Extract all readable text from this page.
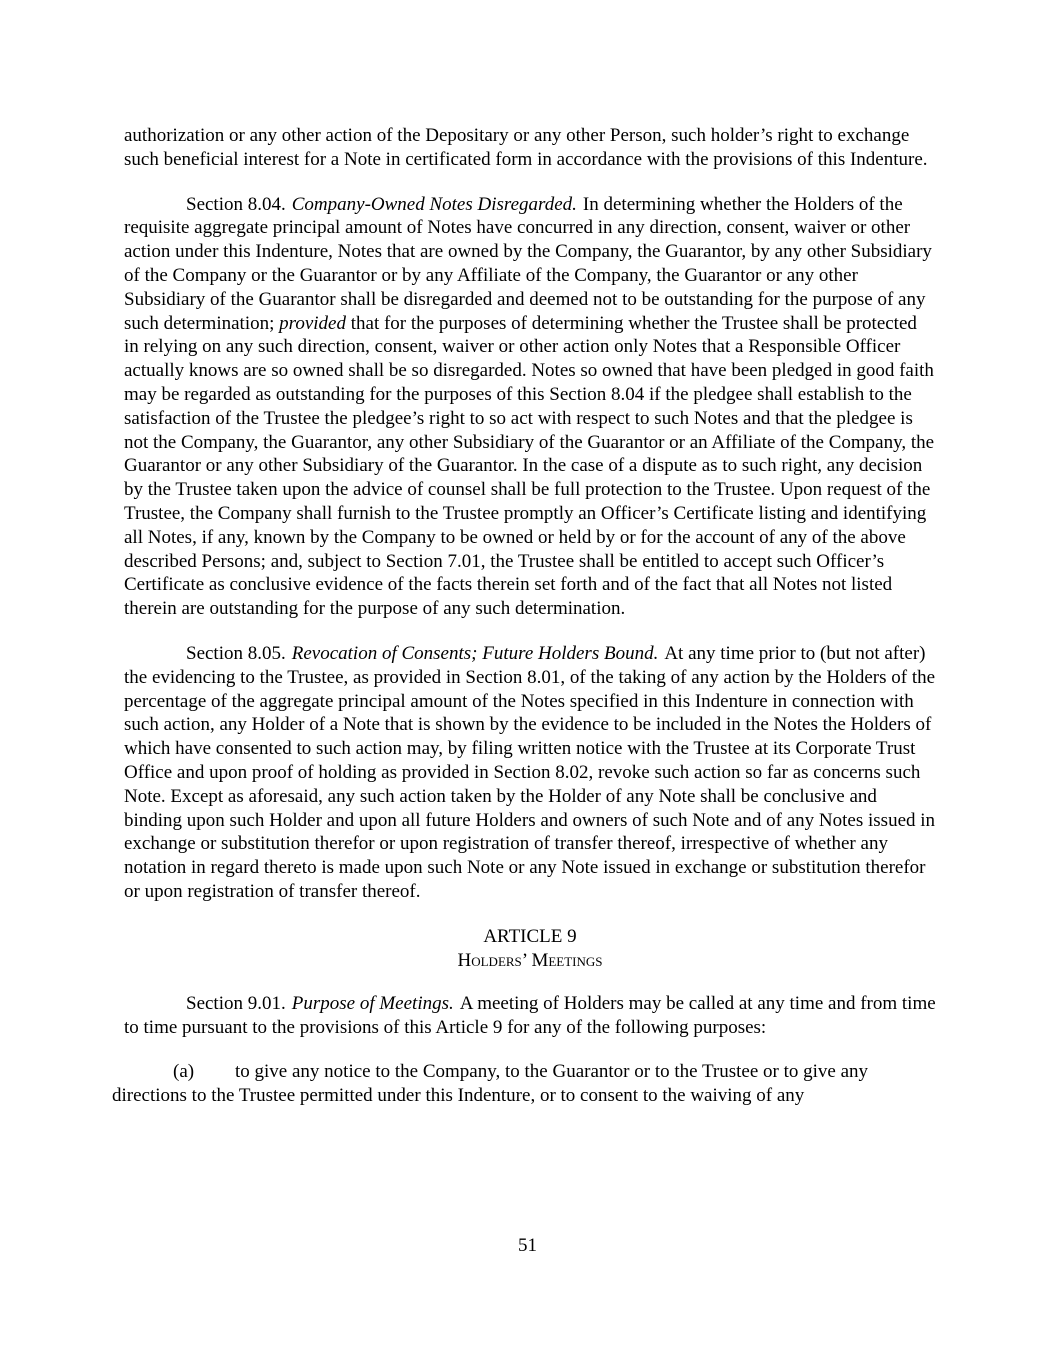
authorization or any other action of the Depositary or any other Person, such holder’s right to exchange such beneficial interest for a Note in certificated form in accordance with the provisions of this Indenture.

Section 8.04. Company-Owned Notes Disregarded. In determining whether the Holders of the requisite aggregate principal amount of Notes have concurred in any direction, consent, waiver or other action under this Indenture, Notes that are owned by the Company, the Guarantor, by any other Subsidiary of the Company or the Guarantor or by any Affiliate of the Company, the Guarantor or any other Subsidiary of the Guarantor shall be disregarded and deemed not to be outstanding for the purpose of any such determination; provided that for the purposes of determining whether the Trustee shall be protected in relying on any such direction, consent, waiver or other action only Notes that a Responsible Officer actually knows are so owned shall be so disregarded. Notes so owned that have been pledged in good faith may be regarded as outstanding for the purposes of this Section 8.04 if the pledgee shall establish to the satisfaction of the Trustee the pledgee’s right to so act with respect to such Notes and that the pledgee is not the Company, the Guarantor, any other Subsidiary of the Guarantor or an Affiliate of the Company, the Guarantor or any other Subsidiary of the Guarantor. In the case of a dispute as to such right, any decision by the Trustee taken upon the advice of counsel shall be full protection to the Trustee. Upon request of the Trustee, the Company shall furnish to the Trustee promptly an Officer’s Certificate listing and identifying all Notes, if any, known by the Company to be owned or held by or for the account of any of the above described Persons; and, subject to Section 7.01, the Trustee shall be entitled to accept such Officer’s Certificate as conclusive evidence of the facts therein set forth and of the fact that all Notes not listed therein are outstanding for the purpose of any such determination.

Section 8.05. Revocation of Consents; Future Holders Bound. At any time prior to (but not after) the evidencing to the Trustee, as provided in Section 8.01, of the taking of any action by the Holders of the percentage of the aggregate principal amount of the Notes specified in this Indenture in connection with such action, any Holder of a Note that is shown by the evidence to be included in the Notes the Holders of which have consented to such action may, by filing written notice with the Trustee at its Corporate Trust Office and upon proof of holding as provided in Section 8.02, revoke such action so far as concerns such Note. Except as aforesaid, any such action taken by the Holder of any Note shall be conclusive and binding upon such Holder and upon all future Holders and owners of such Note and of any Notes issued in exchange or substitution therefor or upon registration of transfer thereof, irrespective of whether any notation in regard thereto is made upon such Note or any Note issued in exchange or substitution therefor or upon registration of transfer thereof.

ARTICLE 9
Holders’ Meetings

Section 9.01. Purpose of Meetings. A meeting of Holders may be called at any time and from time to time pursuant to the provisions of this Article 9 for any of the following purposes:

(a) to give any notice to the Company, to the Guarantor or to the Trustee or to give any directions to the Trustee permitted under this Indenture, or to consent to the waiving of any

51
